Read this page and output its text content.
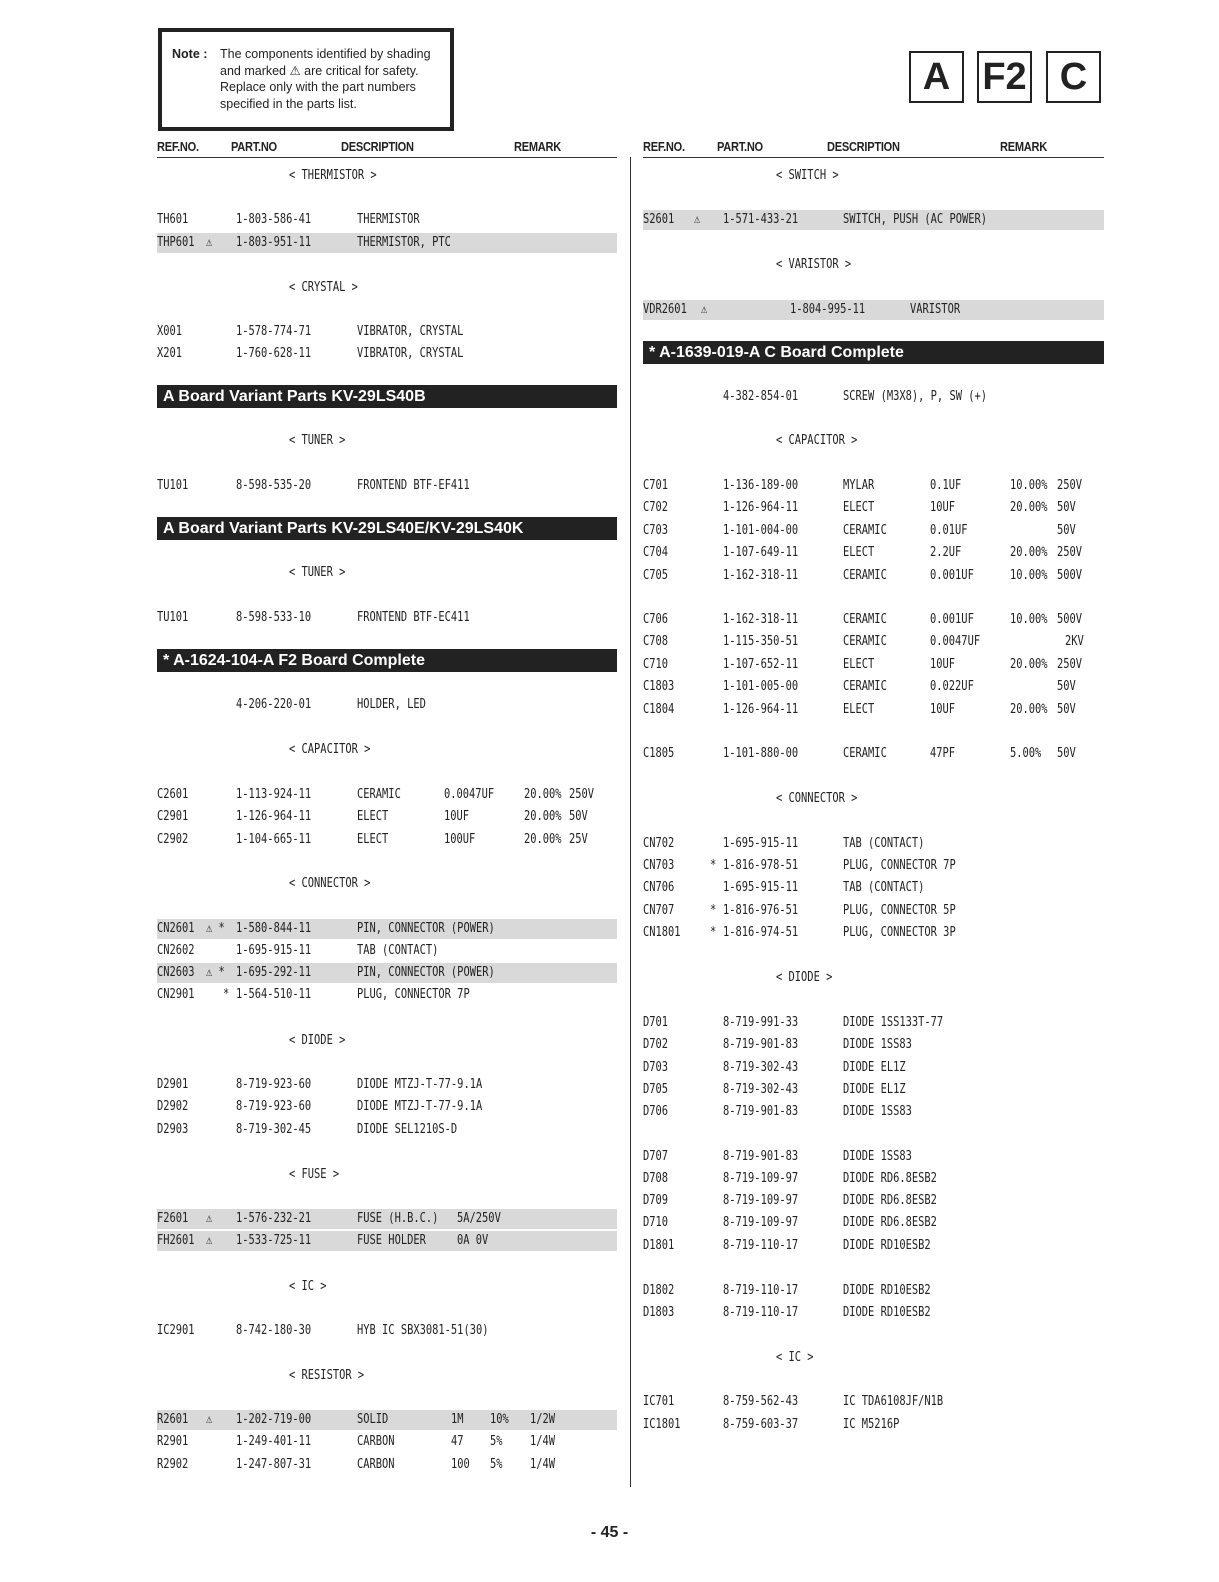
Note : The components identified by shading and marked ⚠ are critical for safety. Replace only with the part numbers specified in the parts list.
A F2 C
REF.NO. PART.NO	DESCRIPTION	REMARK	REF.NO. PART.NO	DESCRIPTION	REMARK
< THERMISTOR >
TH601	1-803-586-41	THERMISTOR
THP601 ⚠ 1-803-951-11	THERMISTOR, PTC
< CRYSTAL >
X001	1-578-774-71	VIBRATOR, CRYSTAL
X201	1-760-628-11	VIBRATOR, CRYSTAL
A Board Variant Parts KV-29LS40B
< TUNER >
TU101	8-598-535-20	FRONTEND BTF-EF411
A Board Variant Parts KV-29LS40E/KV-29LS40K
< TUNER >
TU101	8-598-533-10	FRONTEND BTF-EC411
* A-1624-104-A F2 Board Complete
4-206-220-01	HOLDER, LED
< CAPACITOR >
C2601	1-113-924-11	CERAMIC	0.0047UF 20.00% 250V
C2901	1-126-964-11	ELECT	10UF	20.00% 50V
C2902	1-104-665-11	ELECT	100UF	20.00% 25V
< CONNECTOR >
CN2601 ⚠ * 1-580-844-11	PIN, CONNECTOR (POWER)
CN2602	1-695-915-11	TAB (CONTACT)
CN2603 ⚠ * 1-695-292-11	PIN, CONNECTOR (POWER)
CN2901 * 1-564-510-11	PLUG, CONNECTOR 7P
< DIODE >
D2901	8-719-923-60	DIODE MTZJ-T-77-9.1A
D2902	8-719-923-60	DIODE MTZJ-T-77-9.1A
D2903	8-719-302-45	DIODE SEL1210S-D
< FUSE >
F2601 ⚠ 1-576-232-21	FUSE (H.B.C.) 5A/250V
FH2601 ⚠ 1-533-725-11	FUSE HOLDER 0A 0V
< IC >
IC2901	8-742-180-30	HYB IC SBX3081-51(30)
< RESISTOR >
R2601 ⚠ 1-202-719-00	SOLID	1M 10% 1/2W
R2901	1-249-401-11	CARBON	47 5% 1/4W
R2902	1-247-807-31	CARBON	100 5% 1/4W
< SWITCH >
S2601 ⚠ 1-571-433-21	SWITCH, PUSH (AC POWER)
< VARISTOR >
VDR2601 ⚠	1-804-995-11	VARISTOR
* A-1639-019-A C Board Complete
4-382-854-01	SCREW (M3X8), P, SW (+)
< CAPACITOR >
C701	1-136-189-00	MYLAR	0.1UF	10.00% 250V
C702	1-126-964-11	ELECT	10UF	20.00% 50V
C703	1-101-004-00	CERAMIC	0.01UF	50V
C704	1-107-649-11	ELECT	2.2UF	20.00% 250V
C705	1-162-318-11	CERAMIC	0.001UF	10.00% 500V
C706	1-162-318-11	CERAMIC	0.001UF	10.00% 500V
C708	1-115-350-51	CERAMIC	0.0047UF	2KV
C710	1-107-652-11	ELECT	10UF	20.00% 250V
C1803	1-101-005-00	CERAMIC	0.022UF	50V
C1804	1-126-964-11	ELECT	10UF	20.00% 50V
C1805	1-101-880-00	CERAMIC	47PF	5.00% 50V
< CONNECTOR >
CN702	1-695-915-11	TAB (CONTACT)
CN703	* 1-816-978-51	PLUG, CONNECTOR 7P
CN706	1-695-915-11	TAB (CONTACT)
CN707	* 1-816-976-51	PLUG, CONNECTOR 5P
CN1801 * 1-816-974-51	PLUG, CONNECTOR 3P
< DIODE >
D701	8-719-991-33	DIODE 1SS133T-77
D702	8-719-901-83	DIODE 1SS83
D703	8-719-302-43	DIODE EL1Z
D705	8-719-302-43	DIODE EL1Z
D706	8-719-901-83	DIODE 1SS83
D707	8-719-901-83	DIODE 1SS83
D708	8-719-109-97	DIODE RD6.8ESB2
D709	8-719-109-97	DIODE RD6.8ESB2
D710	8-719-109-97	DIODE RD6.8ESB2
D1801	8-719-110-17	DIODE RD10ESB2
D1802	8-719-110-17	DIODE RD10ESB2
D1803	8-719-110-17	DIODE RD10ESB2
< IC >
IC701	8-759-562-43	IC TDA6108JF/N1B
IC1801	8-759-603-37	IC M5216P
- 45 -
